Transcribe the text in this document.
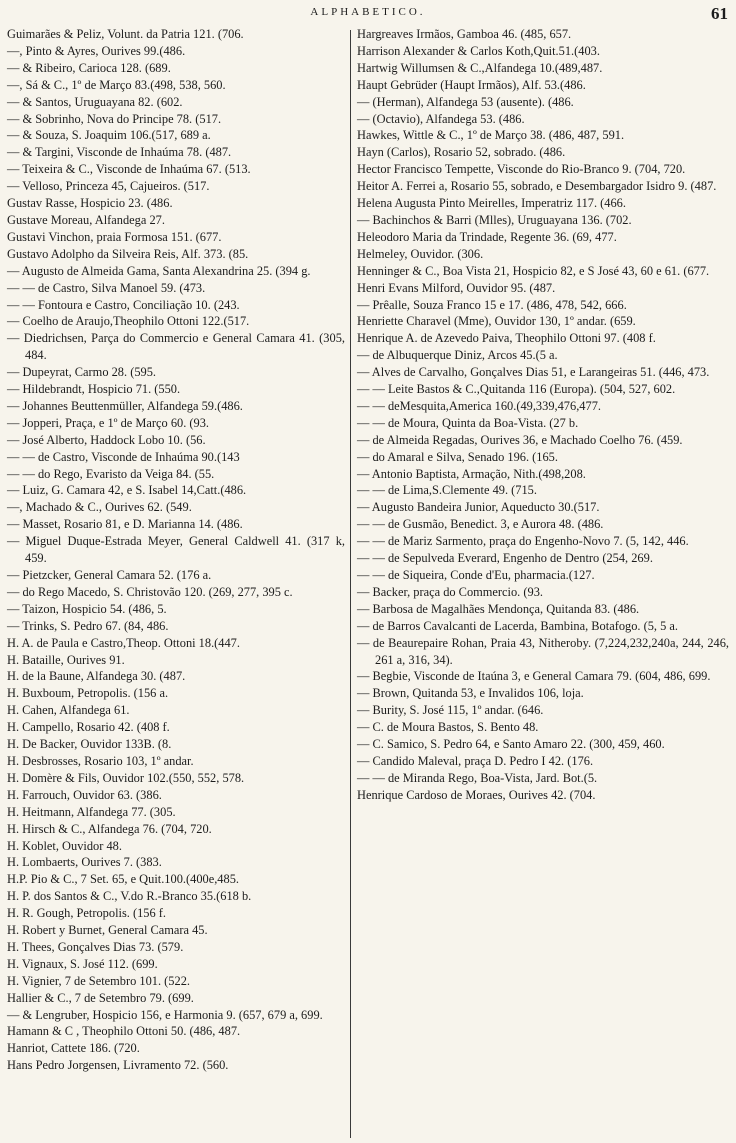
ALPHABETICO.	61
Guimarães & Peliz, Volunt. da Patria 121. (706.
—, Pinto & Ayres, Ourives 99.(486.
— & Ribeiro, Carioca 128. (689.
—, Sá & C., 1º de Março 83.(498, 538, 560.
— & Santos, Uruguayana 82. (602.
— & Sobrinho, Nova do Principe 78. (517.
— & Souza, S. Joaquim 106.(517, 689 a.
— & Targini, Visconde de Inhaúma 78. (487.
— Teixeira & C., Visconde de Inhaúma 67. (513.
— Velloso, Princeza 45, Cajueiros. (517.
Gustav Rasse, Hospicio 23. (486.
Gustave Moreau, Alfandega 27.
Gustavi Vinchon, praia Formosa 151. (677.
Gustavo Adolpho da Silveira Reis, Alf. 373. (85.
— Augusto de Almeida Gama, Santa Alexandrina 25. (394 g.
— — de Castro, Silva Manoel 59. (473.
— — Fontoura e Castro, Conciliação 10. (243.
— Coelho de Araujo,Theophilo Ottoni 122.(517.
— Diedrichsen, Parça do Commercio e General Camara 41. (305, 484.
— Dupeyrat, Carmo 28. (595.
— Hildebrandt, Hospicio 71. (550.
— Johannes Beuttenmüller, Alfandega 59.(486.
— Jopperi, Praça, e 1º de Março 60. (93.
— José Alberto, Haddock Lobo 10. (56.
— — de Castro, Visconde de Inhaúma 90.(143
— — do Rego, Evaristo da Veiga 84. (55.
— Luiz, G. Camara 42, e S. Isabel 14,Catt.(486.
—, Machado & C., Ourives 62. (549.
— Masset, Rosario 81, e D. Marianna 14. (486.
— Miguel Duque-Estrada Meyer, General Caldwell 41. (317 k, 459.
— Pietzcker, General Camara 52. (176 a.
— do Rego Macedo, S. Christovão 120. (269, 277, 395 c.
— Taizon, Hospicio 54. (486, 5.
— Trinks, S. Pedro 67. (84, 486.
H. A. de Paula e Castro,Theop. Ottoni 18.(447.
H. Bataille, Ourives 91.
H. de la Baune, Alfandega 30. (487.
H. Buxboum, Petropolis. (156 a.
H. Cahen, Alfandega 61.
H. Campello, Rosario 42. (408 f.
H. De Backer, Ouvidor 133B. (8.
H. Desbrosses, Rosario 103, 1º andar.
H. Domère & Fils, Ouvidor 102.(550, 552, 578.
H. Farrouch, Ouvidor 63. (386.
H. Heitmann, Alfandega 77. (305.
H. Hirsch & C., Alfandega 76. (704, 720.
H. Koblet, Ouvidor 48.
H. Lombaerts, Ourives 7. (383.
H.P. Pio & C., 7 Set. 65, e Quit.100.(400e,485.
H. P. dos Santos & C., V.do R.-Branco 35.(618 b.
H. R. Gough, Petropolis. (156 f.
H. Robert y Burnet, General Camara 45.
H. Thees, Gonçalves Dias 73. (579.
H. Vignaux, S. José 112. (699.
H. Vignier, 7 de Setembro 101. (522.
Hallier & C., 7 de Setembro 79. (699.
— & Lengruber, Hospicio 156, e Harmonia 9. (657, 679 a, 699.
Hamann & C , Theophilo Ottoni 50. (486, 487.
Hanriot, Cattete 186. (720.
Hans Pedro Jorgensen, Livramento 72. (560.
Hargreaves Irmãos, Gamboa 46. (485, 657.
Harrison Alexander & Carlos Koth,Quit.51.(403.
Hartwig Willumsen & C.,Alfandega 10.(489,487.
Haupt Gebrüder (Haupt Irmãos), Alf. 53.(486.
— (Herman), Alfandega 53 (ausente). (486.
— (Octavio), Alfandega 53. (486.
Hawkes, Wittle & C., 1º de Março 38. (486, 487, 591.
Hayn (Carlos), Rosario 52, sobrado. (486.
Hector Francisco Tempette, Visconde do Rio-Branco 9. (704, 720.
Heitor A. Ferrei a, Rosario 55, sobrado, e Desembargador Isidro 9. (487.
Helena Augusta Pinto Meirelles, Imperatriz 117. (466.
— Bachinchos & Barri (Mlles), Uruguayana 136. (702.
Heleodoro Maria da Trindade, Regente 36. (69, 477.
Helmeley, Ouvidor. (306.
Henninger & C., Boa Vista 21, Hospicio 82, e S José 43, 60 e 61. (677.
Henri Evans Milford, Ouvidor 95. (487.
— Prêalle, Souza Franco 15 e 17. (486, 478, 542, 666.
Henriette Charavel (Mme), Ouvidor 130, 1º andar. (659.
Henrique A. de Azevedo Paiva, Theophilo Ottoni 97. (408 f.
— de Albuquerque Diniz, Arcos 45.(5 a.
— Alves de Carvalho, Gonçalves Dias 51, e Larangeiras 51. (446, 473.
— — Leite Bastos & C.,Quitanda 116 (Europa). (504, 527, 602.
— — deMesquita,America 160.(49,339,476,477.
— — de Moura, Quinta da Boa-Vista. (27 b.
— de Almeida Regadas, Ourives 36, e Machado Coelho 76. (459.
— do Amaral e Silva, Senado 196. (165.
— Antonio Baptista, Armação, Nith.(498,208.
— — de Lima,S.Clemente 49. (715.
— Augusto Bandeira Junior, Aqueducto 30.(517.
— — de Gusmão, Benedict. 3, e Aurora 48. (486.
— — de Mariz Sarmento, praça do Engenho-Novo 7. (5, 142, 446.
— — de Sepulveda Everard, Engenho de Dentro (254, 269.
— — de Siqueira, Conde d'Eu, pharmacia.(127.
— Backer, praça do Commercio. (93.
— Barbosa de Magalhães Mendonça, Quitanda 83. (486.
— de Barros Cavalcanti de Lacerda, Bambina, Botafogo. (5, 5 a.
— de Beaurepaire Rohan, Praia 43, Nitheroby. (7,224,232,240a, 244, 246, 261 a, 316, 34).
— Begbie, Visconde de Itaúna 3, e General Camara 79. (604, 486, 699.
— Brown, Quitanda 53, e Invalidos 106, loja.
— Burity, S. José 115, 1º andar. (646.
— C. de Moura Bastos, S. Bento 48.
— C. Samico, S. Pedro 64, e Santo Amaro 22. (300, 459, 460.
— Candido Maleval, praça D. Pedro I 42. (176.
— — de Miranda Rego, Boa-Vista, Jard. Bot.(5.
Henrique Cardoso de Moraes, Ourives 42. (704.
